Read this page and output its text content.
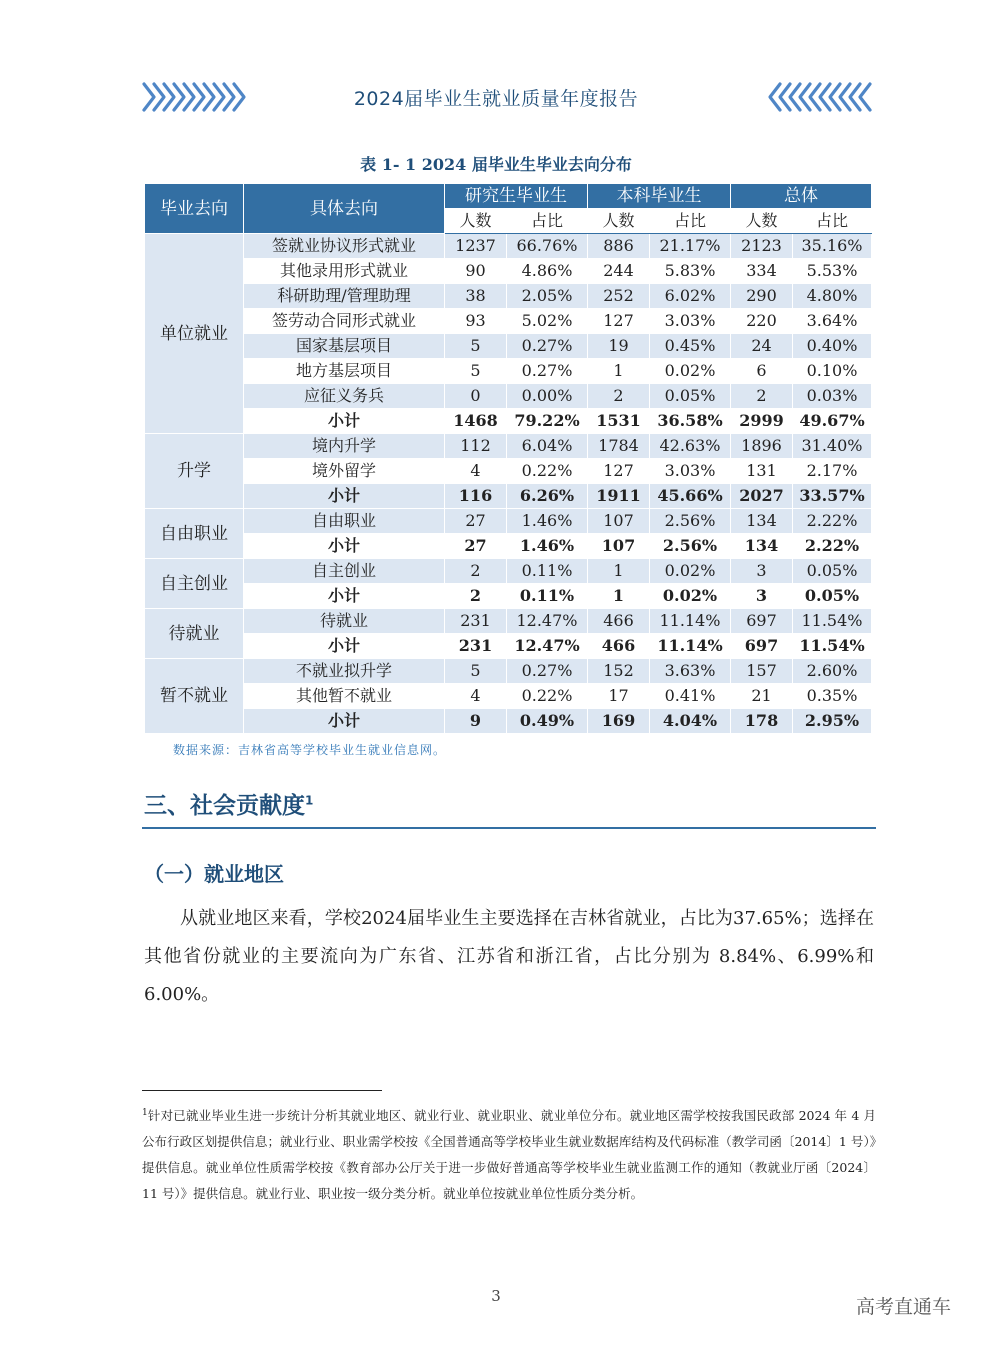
2024届毕业生就业质量年度报告
表 1- 1 2024 届毕业生毕业去向分布
毕业去向	具体去向	研究生毕业生		本科毕业生		总体	
		人数	占比	人数	占比	人数	占比
单位就业	签就业协议形式就业	1237	66.76%	886	21.17%	2123	35.16%
	其他录用形式就业	90	4.86%	244	5.83%	334	5.53%
	科研助理/管理助理	38	2.05%	252	6.02%	290	4.80%
	签劳动合同形式就业	93	5.02%	127	3.03%	220	3.64%
	国家基层项目	5	0.27%	19	0.45%	24	0.40%
	地方基层项目	5	0.27%	1	0.02%	6	0.10%
	应征义务兵	0	0.00%	2	0.05%	2	0.03%
	小计	1468	79.22%	1531	36.58%	2999	49.67%
升学	境内升学	112	6.04%	1784	42.63%	1896	31.40%
	境外留学	4	0.22%	127	3.03%	131	2.17%
	小计	116	6.26%	1911	45.66%	2027	33.57%
自由职业	自由职业	27	1.46%	107	2.56%	134	2.22%
	小计	27	1.46%	107	2.56%	134	2.22%
自主创业	自主创业	2	0.11%	1	0.02%	3	0.05%
	小计	2	0.11%	1	0.02%	3	0.05%
待就业	待就业	231	12.47%	466	11.14%	697	11.54%
	小计	231	12.47%	466	11.14%	697	11.54%
暂不就业	不就业拟升学	5	0.27%	152	3.63%	157	2.60%
	其他暂不就业	4	0.22%	17	0.41%	21	0.35%
	小计	9	0.49%	169	4.04%	178	2.95%
数据来源：吉林省高等学校毕业生就业信息网。
三、社会贡献度$^1$
（一）就业地区
从就业地区来看，学校2024届毕业生主要选择在吉林省就业，占比为37.65%；选择在其他省份就业的主要流向为广东省、江苏省和浙江省，占比分别为 8.84%、6.99%和 6.00%。
$^1$针对已就业毕业生进一步统计分析其就业地区、就业行业、就业职业、就业单位分布。就业地区需学校按我国民政部 2024 年 4 月公布行政区划提供信息；就业行业、职业需学校按《全国普通高等学校毕业生就业数据库结构及代码标准（教学司函〔2014〕1 号）》提供信息。就业单位性质需学校按《教育部办公厅关于进一步做好普通高等学校毕业生就业监测工作的通知（教就业厅函〔2024〕11 号）》提供信息。就业行业、职业按一级分类分析。就业单位按就业单位性质分类分析。
3	高考直通车
